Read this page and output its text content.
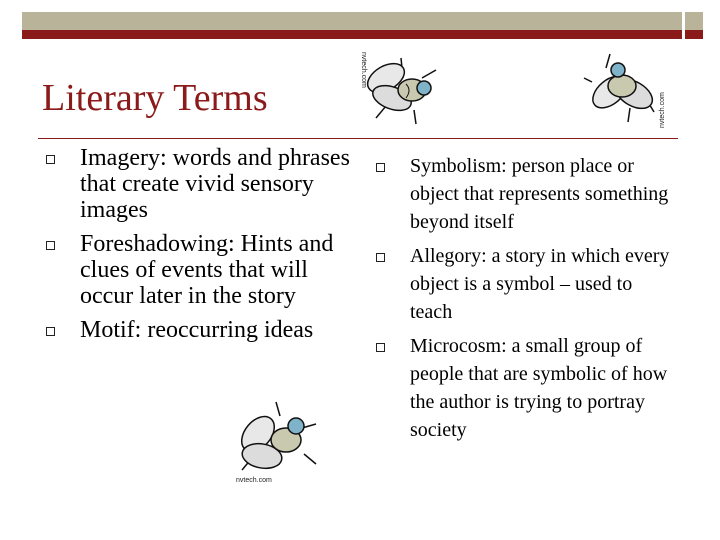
Literary Terms
nvtech.com
nvtech.com
nvtech.com
Imagery: words and phrases that create vivid sensory images
Foreshadowing: Hints and clues of events that will occur later in the story
Motif: reoccurring ideas
Symbolism: person place or object that represents something beyond itself
Allegory: a story in which every object is a symbol – used to teach
Microcosm: a small group of people that are symbolic of how the author is trying to portray society
